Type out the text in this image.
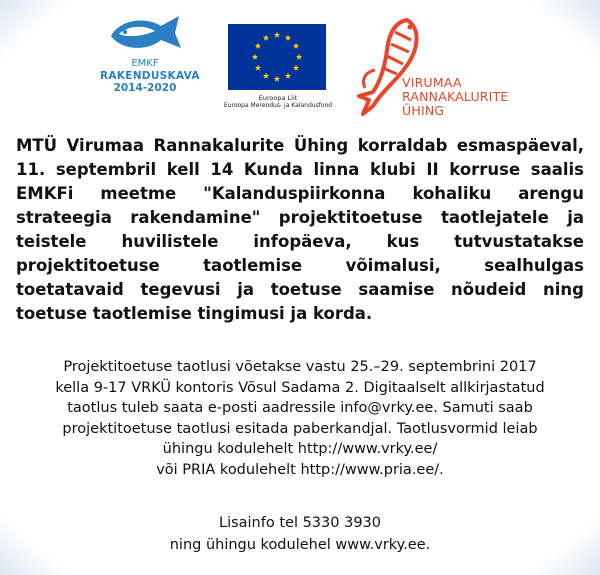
EMKF
RAKENDUSKAVA
2014-2020
Euroopa Liit
Euroopa Merendus- ja Kalandusfond
VIRUMAA
RANNAKALURITE
ÜHING
MTÜ Virumaa Rannakalurite Ühing korraldab esmaspäeval, 11. septembril kell 14 Kunda linna klubi II korruse saalis EMKFi meetme "Kalanduspiirkonna kohaliku arengu strateegia rakendamine" projektitoetuse taotlejatele ja teistele huvilistele infopäeva, kus tutvustatakse projektitoetuse taotlemise võimalusi, sealhulgas toetatavaid tegevusi ja toetuse saamise nõudeid ning toetuse taotlemise tingimusi ja korda.
Projektitoetuse taotlusi võetakse vastu 25.–29. septembrini 2017
kella 9-17 VRKÜ kontoris Võsul Sadama 2. Digitaalselt allkirjastatud
taotlus tuleb saata e-posti aadressile info@vrky.ee. Samuti saab
projektitoetuse taotlusi esitada paberkandjal. Taotlusvormid leiab
ühingu kodulehelt http://www.vrky.ee/
või PRIA kodulehelt http://www.pria.ee/.
Lisainfo tel 5330 3930
ning ühingu kodulehel www.vrky.ee.
